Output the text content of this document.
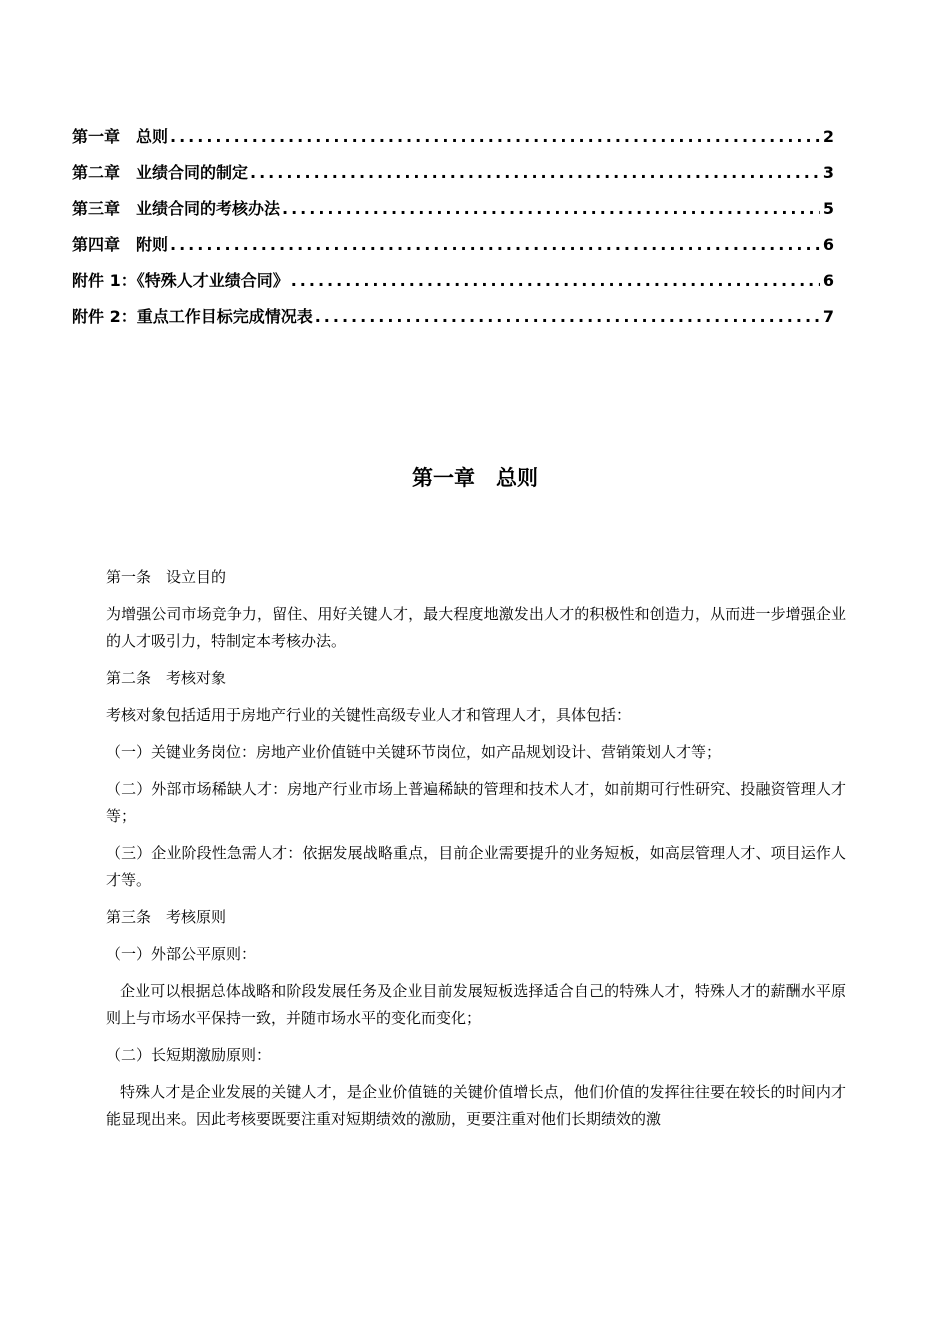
第一章　总则 .....	2
第二章　业绩合同的制定 .....	3
第三章　业绩合同的考核办法 .....	5
第四章　附则 .....	6
附件 1：《特殊人才业绩合同》 .....	6
附件 2：重点工作目标完成情况表 .....	7
第一章　总则

第一条　设立目的

为增强公司市场竞争力，留住、用好关键人才，最大程度地激发出人才的积极性和创造力，从而进一步增强企业的人才吸引力，特制定本考核办法。

第二条　考核对象

考核对象包括适用于房地产行业的关键性高级专业人才和管理人才，具体包括：

（一）关键业务岗位：房地产业价值链中关键环节岗位，如产品规划设计、营销策划人才等；

（二）外部市场稀缺人才：房地产行业市场上普遍稀缺的管理和技术人才，如前期可行性研究、投融资管理人才等；

（三）企业阶段性急需人才：依据发展战略重点，目前企业需要提升的业务短板，如高层管理人才、项目运作人才等。

第三条　考核原则

（一）外部公平原则：

企业可以根据总体战略和阶段发展任务及企业目前发展短板选择适合自己的特殊人才，特殊人才的薪酬水平原则上与市场水平保持一致，并随市场水平的变化而变化；

（二）长短期激励原则：

特殊人才是企业发展的关键人才，是企业价值链的关键价值增长点，他们价值的发挥往往要在较长的时间内才能显现出来。因此考核要既要注重对短期绩效的激励，更要注重对他们长期绩效的激
